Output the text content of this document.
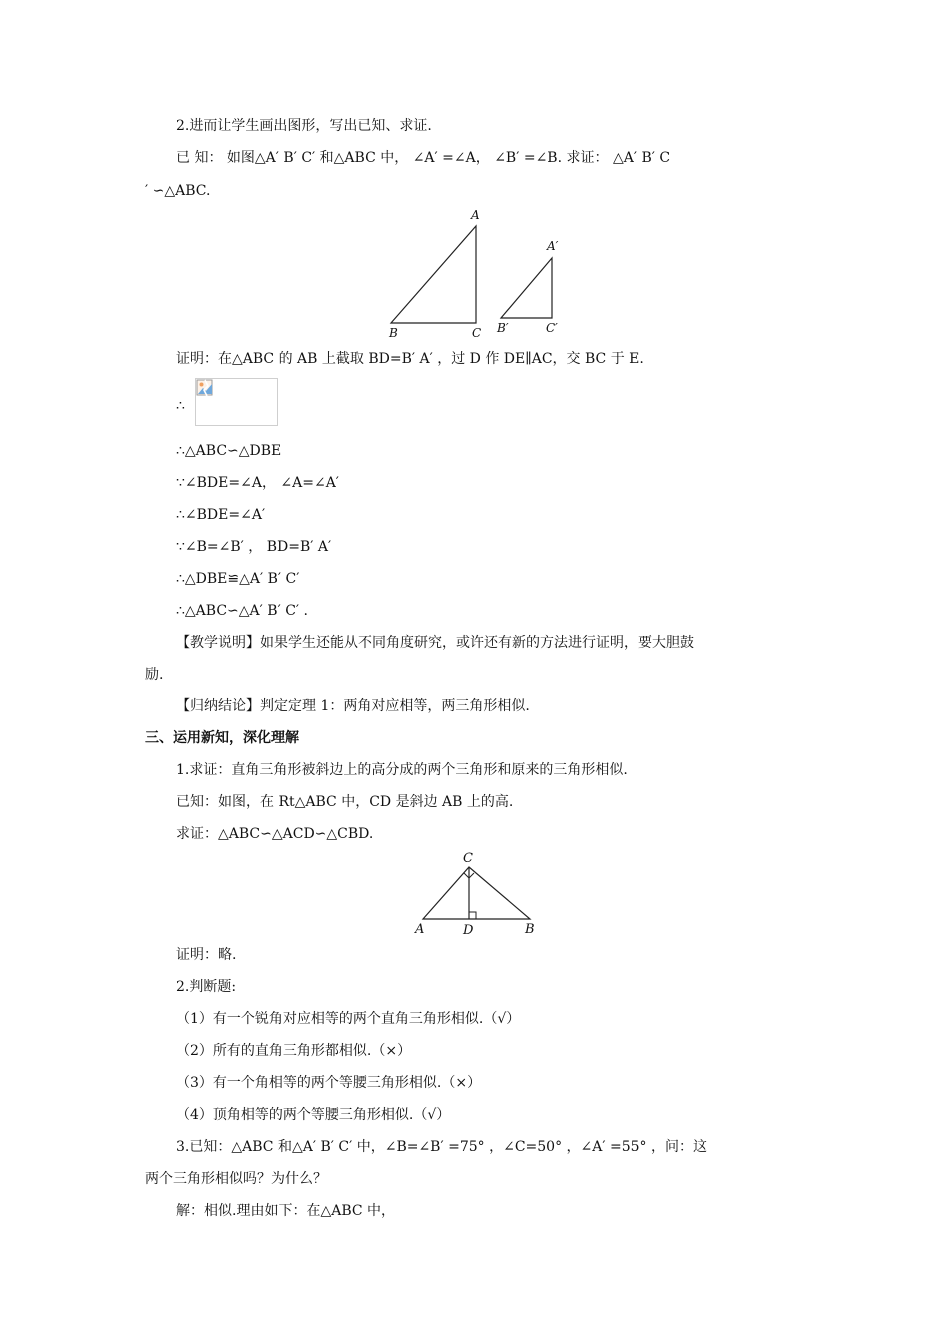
2.进而让学生画出图形，写出已知、求证.
已 知： 如图△A′ B′ C′ 和△ABC 中， ∠A′ =∠A， ∠B′ =∠B. 求证： △A′ B′ C
′ ∽△ABC.
A
B	C
A′
B′	C′
证明：在△ABC 的 AB 上截取 BD=B′ A′ ，过 D 作 DE∥AC，交 BC 于 E.
∴
∴△ABC∽△DBE
∵∠BDE=∠A， ∠A=∠A′
∴∠BDE=∠A′
∵∠B=∠B′ ， BD=B′ A′
∴△DBE≌△A′ B′ C′
∴△ABC∽△A′ B′ C′ .
【教学说明】如果学生还能从不同角度研究，或许还有新的方法进行证明，要大胆鼓
励.
【归纳结论】判定定理 1：两角对应相等，两三角形相似.
三、运用新知，深化理解
1.求证：直角三角形被斜边上的高分成的两个三角形和原来的三角形相似.
已知：如图，在 Rt△ABC 中，CD 是斜边 AB 上的高.
求证：△ABC∽△ACD∽△CBD.
C
A	D	B
证明：略.
2.判断题:
（1）有一个锐角对应相等的两个直角三角形相似.（√）
（2）所有的直角三角形都相似.（×）
（3）有一个角相等的两个等腰三角形相似.（×）
（4）顶角相等的两个等腰三角形相似.（√）
3.已知：△ABC 和△A′ B′ C′ 中，∠B=∠B′ =75° ，∠C=50° ，∠A′ =55° ，问：这
两个三角形相似吗？为什么？
解：相似.理由如下：在△ABC 中，
